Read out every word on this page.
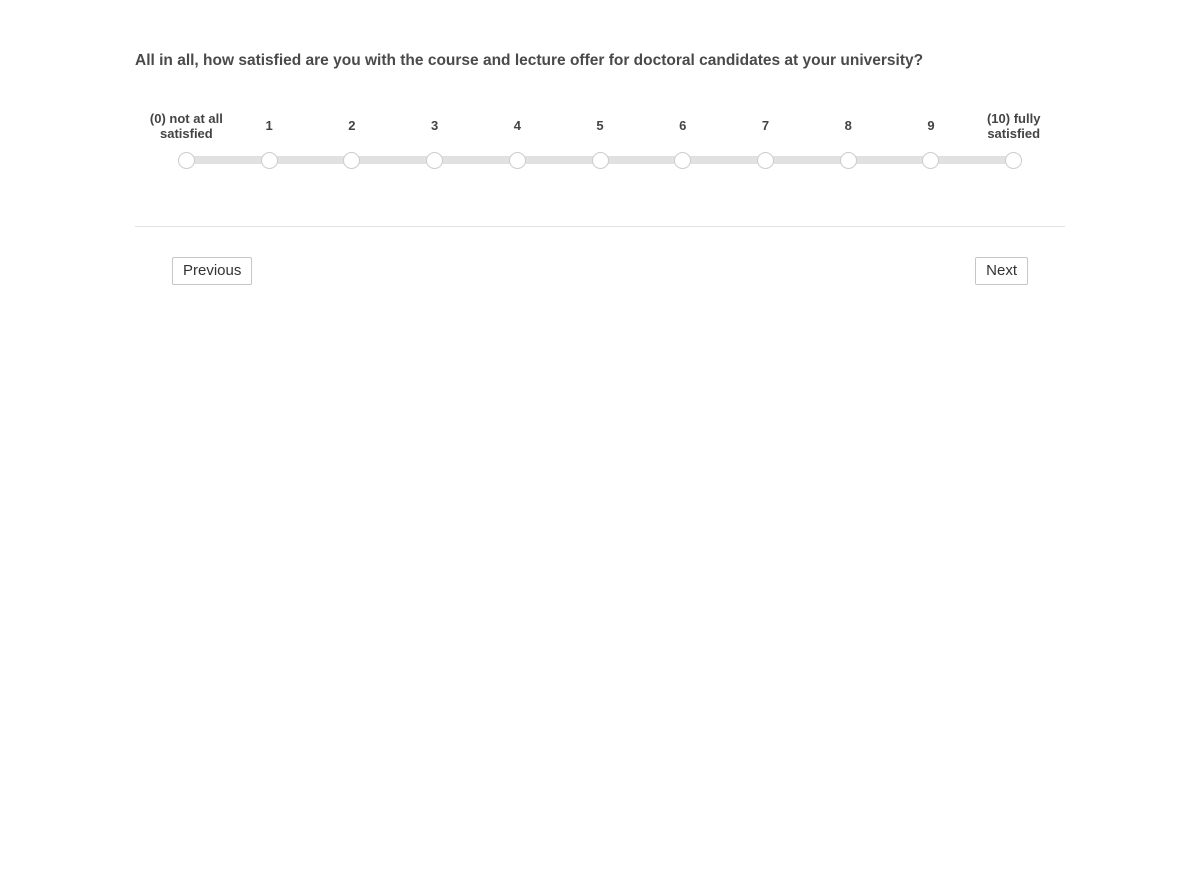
All in all, how satisfied are you with the course and lecture offer for doctoral candidates at your university?
(0) not at all
satisfied	1	2	3	4	5	6	7	8	9	(10) fully
satisfied
Previous	Next
